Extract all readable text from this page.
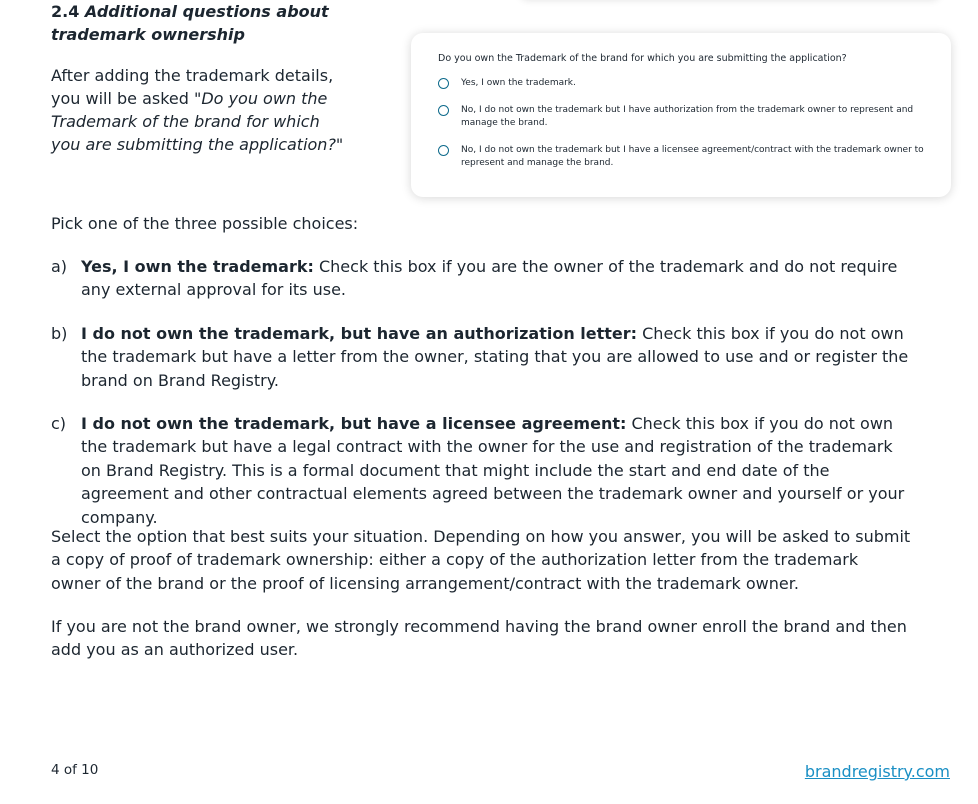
2.4 Additional questions about trademark ownership
After adding the trademark details, you will be asked "Do you own the Trademark of the brand for which you are submitting the application?"
Do you own the Trademark of the brand for which you are submitting the application?
Yes, I own the trademark.
No, I do not own the trademark but I have authorization from the trademark owner to represent and manage the brand.
No, I do not own the trademark but I have a licensee agreement/contract with the trademark owner to represent and manage the brand.
Pick one of the three possible choices:
a) Yes, I own the trademark: Check this box if you are the owner of the trademark and do not require any external approval for its use.
b) I do not own the trademark, but have an authorization letter: Check this box if you do not own the trademark but have a letter from the owner, stating that you are allowed to use and or register the brand on Brand Registry.
c) I do not own the trademark, but have a licensee agreement: Check this box if you do not own the trademark but have a legal contract with the owner for the use and registration of the trademark on Brand Registry. This is a formal document that might include the start and end date of the agreement and other contractual elements agreed between the trademark owner and yourself or your company.
Select the option that best suits your situation. Depending on how you answer, you will be asked to submit a copy of proof of trademark ownership: either a copy of the authorization letter from the trademark owner of the brand or the proof of licensing arrangement/contract with the trademark owner.
If you are not the brand owner, we strongly recommend having the brand owner enroll the brand and then add you as an authorized user.
4 of 10	brandregistry.com
